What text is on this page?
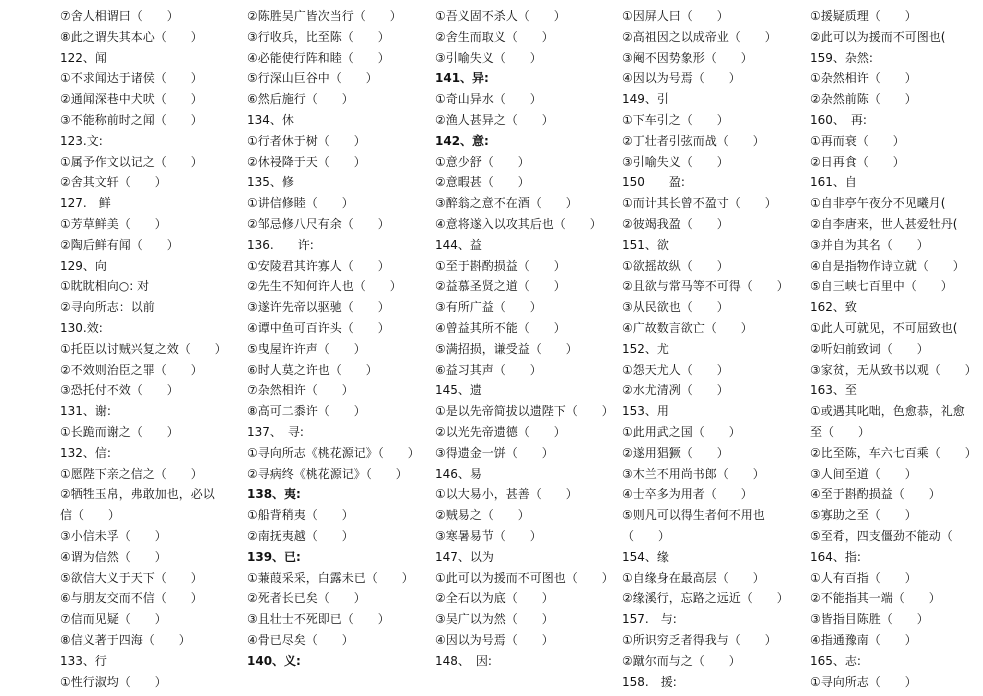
⑦舍人相谓曰（　　）
⑧此之谓失其本心（　　）
122、闻
①不求闻达于诸侯（　　）
②通闻深巷中犬吠（　　）
③不能称前时之闻（　　）
123.文:
①属予作文以记之（　　）
②舍其文轩（　　）
127.　鲜
①芳草鲜美（　　）
②陶后鲜有闻（　　）
129、向
①眈眈相向○: 对
②寻向所志：以前
130.效:
①托臣以讨贼兴复之效（　　）
②不效则治臣之罪（　　）
③恐托付不效（　　）
131、谢:
①长跪而谢之（　　）
132、信:
①愿陛下亲之信之（　　）
②牺牲玉帛，弗敢加也，必以
信（　　）
③小信未孚（　　）
④谓为信然（　　）
⑤欲信大义于天下（　　）
⑥与朋友交而不信（　　）
⑦信而见疑（　　）
⑧信义著于四海（　　）
133、行
①性行淑均（　　）
②陈胜吴广皆次当行（　　）
③行收兵，比至陈（　　）
④必能使行阵和睦（　　）
⑤行深山巨谷中（　　）
⑥然后施行（　　）
134、休
①行者休于树（　　）
②休祲降于天（　　）
135、修
①讲信修睦（　　）
②邹忌修八尺有余（　　）
136.　　许:
①安陵君其许寡人（　　）
②先生不知何许人也（　　）
③遂许先帝以驱驰（　　）
④谭中鱼可百许头（　　）
⑤曳屋许许声（　　）
⑥时人莫之许也（　　）
⑦杂然相许（　　）
⑧高可二黍许（　　）
137、　寻:
①寻向所志《桃花源记》（　　）
②寻病终《桃花源记》（　　）
138、夷:
①船背稍夷（　　）
②南抚夷越（　　）
139、已:
①蒹葭采采，白露未已（　　）
②死者长已矣（　　）
③且壮士不死即已（　　）
④骨已尽矣（　　）
140、义:
①吾义固不杀人（　　）
②舍生而取义（　　）
③引喻失义（　　）
141、异:
①奇山异水（　　）
②渔人甚异之（　　）
142、意:
①意少舒（　　）
②意暇甚（　　）
③醉翁之意不在酒（　　）
④意将遂入以攻其后也（　　）
144、益
①至于斟酌损益（　　）
②益慕圣贤之道（　　）
③有所广益（　　）
④曾益其所不能（　　）
⑤满招损，谦受益（　　）
⑥益习其声（　　）
145、遗
①是以先帝简拔以遗陛下（　　）
②以光先帝遗德（　　）
③得遗金一饼（　　）
146、易
①以大易小，甚善（　　）
②贼易之（　　）
③寒暑易节（　　）
147、以为
①此可以为援而不可图也（　　）
②全石以为底（　　）
③吴广以为然（　　）
④因以为号焉（　　）
148、　因:
①因屏人曰（　　）
②高祖因之以成帝业（　　）
③阉不因势象形（　　）
④因以为号焉（　　）
149、引
①下车引之（　　）
②丁壮者引弦而战（　　）
③引喻失义（　　）
150　　盈:
①而计其长曾不盈寸（　　）
②彼竭我盈（　　）
151、欲
①欲摇故纵（　　）
②且欲与常马等不可得（　　）
③从民欲也（　　）
④广故数言欲亡（　　）
152、尤
①怨天尤人（　　）
②水尤清冽（　　）
153、用
①此用武之国（　　）
②遂用猖獗（　　）
③木兰不用尚书郎（　　）
④士卒多为用者（　　）
⑤则凡可以得生者何不用也
（　　）
154、缘
①自缘身在最高层（　　）
②缘溪行，忘路之远近（　　）
157.　与:
①所识穷乏者得我与（　　）
②蹴尔而与之（　　）
158.　援:
①援疑质理（　　）
②此可以为援而不可图也(
159、杂然:
①杂然相许（　　）
②杂然前陈（　　）
160、　再:
①再而衰（　　）
②日再食（　　）
161、自
①自非亭午夜分不见曦月(
②自李唐来，世人甚爱牡丹(
③并自为其名（　　）
④自是指物作诗立就（　　）
⑤自三峡七百里中（　　）
162、致
①此人可就见，不可屈致也(
②听妇前致词（　　）
③家贫，无从致书以观（　　）
163、至
①或遇其叱咄，色愈恭，礼愈
至（　　）
②比至陈，车六七百乘（　　）
③人间至道（　　）
④至于斟酌损益（　　）
⑤寡助之至（　　）
⑤至肴，四支僵劲不能动（
164、指:
①人有百指（　　）
②不能指其一端（　　）
③皆指目陈胜（　　）
④指通豫南（　　）
165、志:
①寻向所志（　　）
